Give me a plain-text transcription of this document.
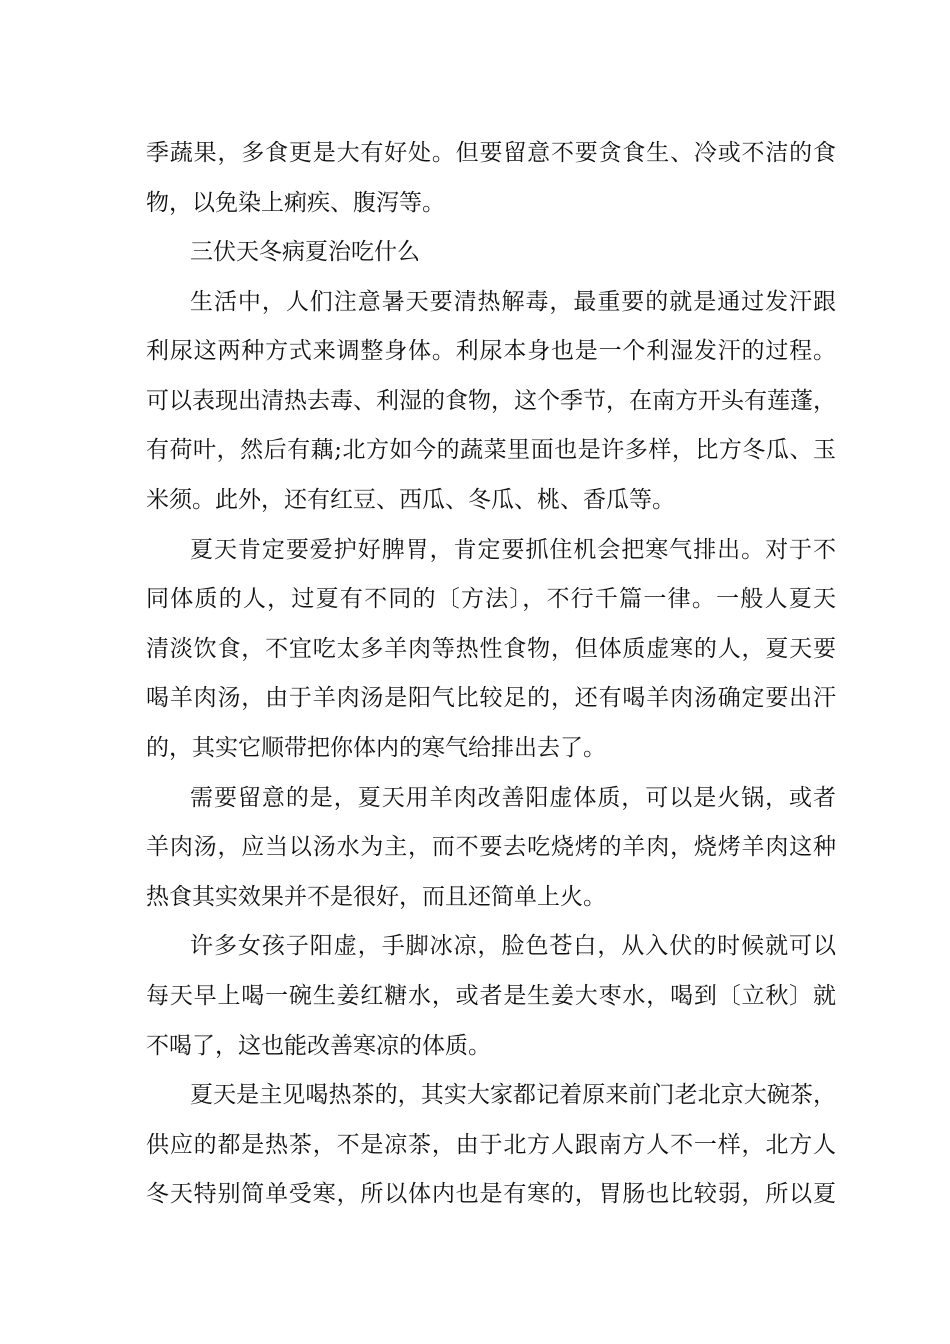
季蔬果，多食更是大有好处。但要留意不要贪食生、冷或不洁的食
物，以免染上痢疾、腹泻等。
三伏天冬病夏治吃什么
生活中，人们注意暑天要清热解毒，最重要的就是通过发汗跟
利尿这两种方式来调整身体。利尿本身也是一个利湿发汗的过程。
可以表现出清热去毒、利湿的食物，这个季节，在南方开头有莲蓬，
有荷叶，然后有藕;北方如今的蔬菜里面也是许多样，比方冬瓜、玉
米须。此外，还有红豆、西瓜、冬瓜、桃、香瓜等。
夏天肯定要爱护好脾胃，肯定要抓住机会把寒气排出。对于不
同体质的人，过夏有不同的〔方法〕，不行千篇一律。一般人夏天
清淡饮食，不宜吃太多羊肉等热性食物，但体质虚寒的人，夏天要
喝羊肉汤，由于羊肉汤是阳气比较足的，还有喝羊肉汤确定要出汗
的，其实它顺带把你体内的寒气给排出去了。
需要留意的是，夏天用羊肉改善阳虚体质，可以是火锅，或者
羊肉汤，应当以汤水为主，而不要去吃烧烤的羊肉，烧烤羊肉这种
热食其实效果并不是很好，而且还简单上火。
许多女孩子阳虚，手脚冰凉，脸色苍白，从入伏的时候就可以
每天早上喝一碗生姜红糖水，或者是生姜大枣水，喝到〔立秋〕就
不喝了，这也能改善寒凉的体质。
夏天是主见喝热茶的，其实大家都记着原来前门老北京大碗茶，
供应的都是热茶，不是凉茶，由于北方人跟南方人不一样，北方人
冬天特别简单受寒，所以体内也是有寒的，胃肠也比较弱，所以夏
